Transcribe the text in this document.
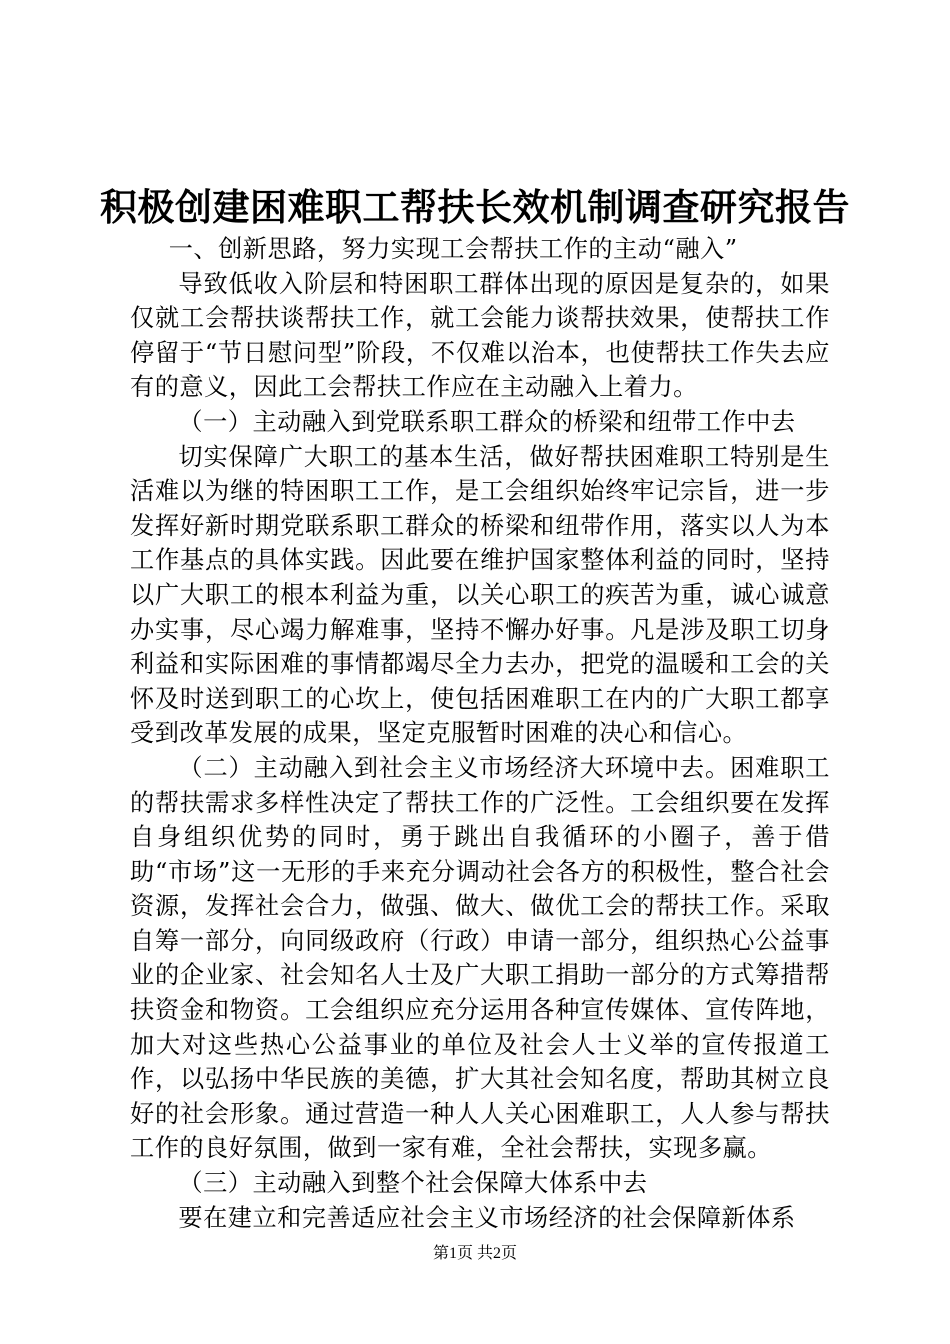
积极创建困难职工帮扶长效机制调查研究报告

一、创新思路，努力实现工会帮扶工作的主动“融入”

导致低收入阶层和特困职工群体出现的原因是复杂的，如果仅就工会帮扶谈帮扶工作，就工会能力谈帮扶效果，使帮扶工作停留于“节日慰问型”阶段，不仅难以治本，也使帮扶工作失去应有的意义，因此工会帮扶工作应在主动融入上着力。

（一）主动融入到党联系职工群众的桥梁和纽带工作中去

切实保障广大职工的基本生活，做好帮扶困难职工特别是生活难以为继的特困职工工作，是工会组织始终牢记宗旨，进一步发挥好新时期党联系职工群众的桥梁和纽带作用，落实以人为本工作基点的具体实践。因此要在维护国家整体利益的同时，坚持以广大职工的根本利益为重，以关心职工的疾苦为重，诚心诚意办实事，尽心竭力解难事，坚持不懈办好事。凡是涉及职工切身利益和实际困难的事情都竭尽全力去办，把党的温暖和工会的关怀及时送到职工的心坎上，使包括困难职工在内的广大职工都享受到改革发展的成果，坚定克服暂时困难的决心和信心。

（二）主动融入到社会主义市场经济大环境中去。困难职工的帮扶需求多样性决定了帮扶工作的广泛性。工会组织要在发挥自身组织优势的同时，勇于跳出自我循环的小圈子，善于借助“市场”这一无形的手来充分调动社会各方的积极性，整合社会资源，发挥社会合力，做强、做大、做优工会的帮扶工作。采取自筹一部分，向同级政府（行政）申请一部分，组织热心公益事业的企业家、社会知名人士及广大职工捐助一部分的方式筹措帮扶资金和物资。工会组织应充分运用各种宣传媒体、宣传阵地，加大对这些热心公益事业的单位及社会人士义举的宣传报道工作，以弘扬中华民族的美德，扩大其社会知名度，帮助其树立良好的社会形象。通过营造一种人人关心困难职工，人人参与帮扶工作的良好氛围，做到一家有难，全社会帮扶，实现多赢。

（三）主动融入到整个社会保障大体系中去

要在建立和完善适应社会主义市场经济的社会保障新体系

第1页 共2页
